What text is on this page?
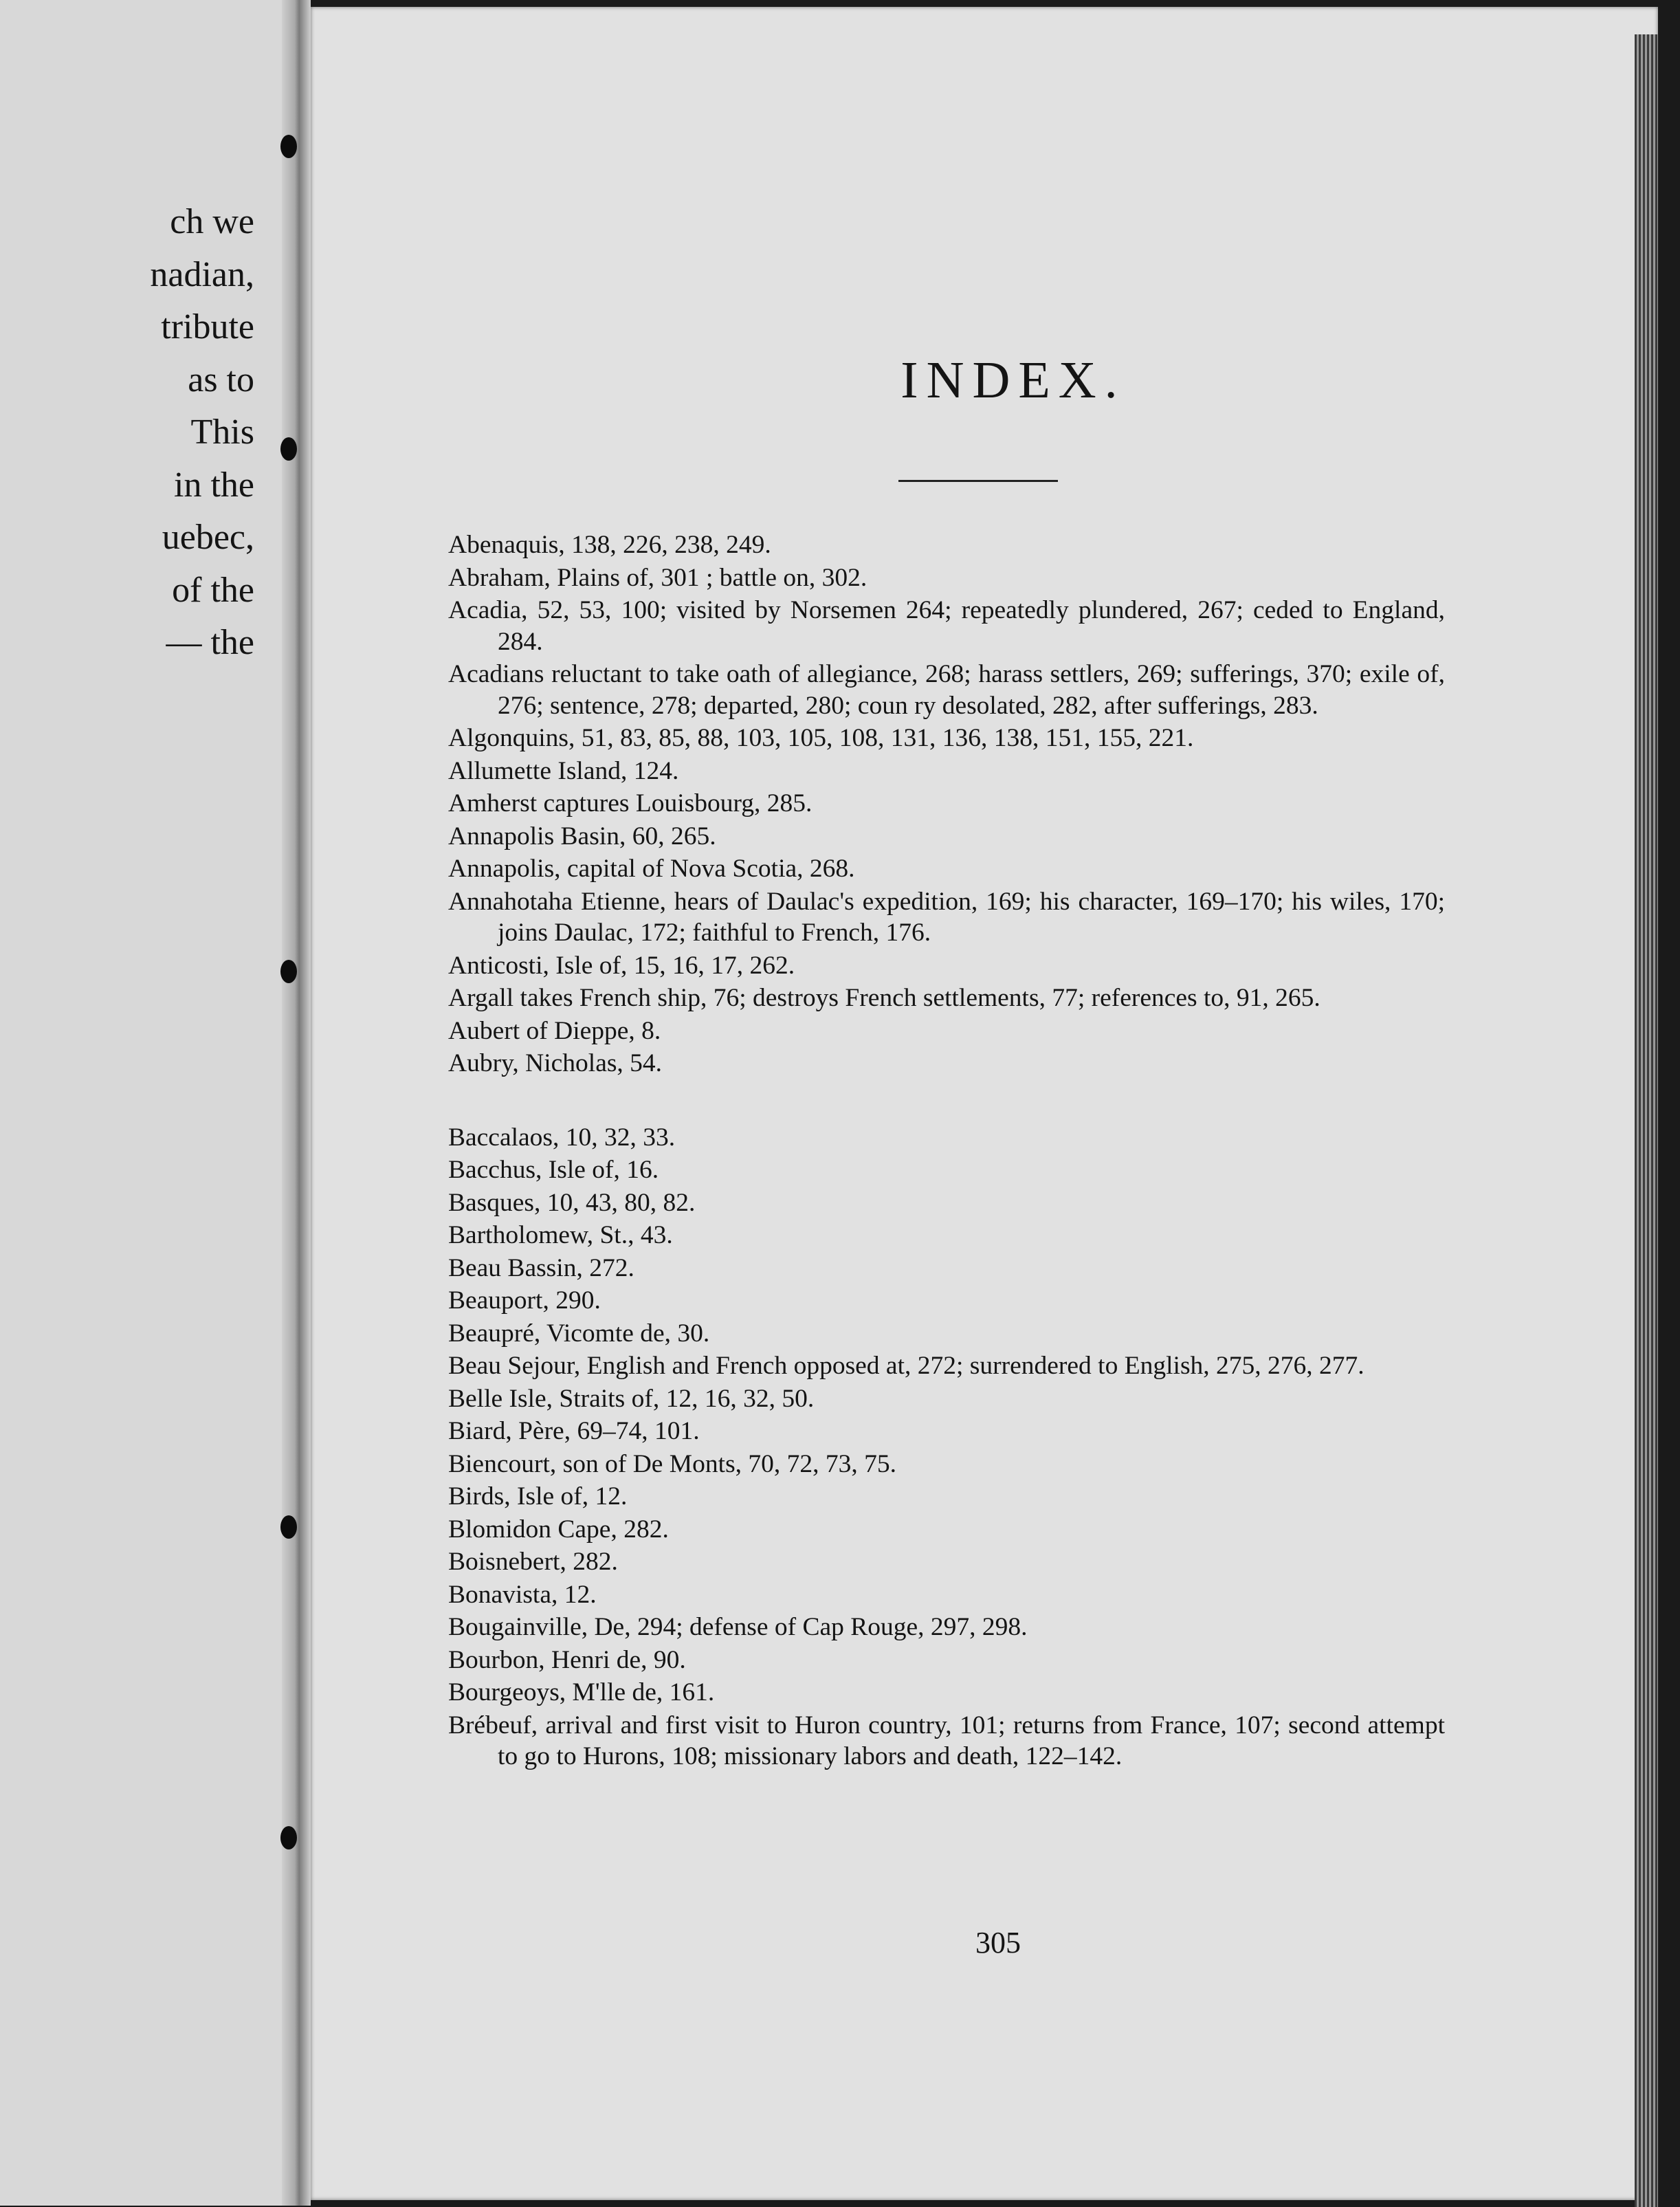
ch we
nadian,
tribute
as to
This
in the
uebec,
of the
— the
INDEX.
Abenaquis, 138, 226, 238, 249.
Abraham, Plains of, 301 ; battle on, 302.
Acadia, 52, 53, 100; visited by Norsemen 264; repeatedly plundered, 267; ceded to England, 284.
Acadians reluctant to take oath of allegiance, 268; harass settlers, 269; sufferings, 370; exile of, 276; sentence, 278; departed, 280; coun ry desolated, 282, after sufferings, 283.
Algonquins, 51, 83, 85, 88, 103, 105, 108, 131, 136, 138, 151, 155, 221.
Allumette Island, 124.
Amherst captures Louisbourg, 285.
Annapolis Basin, 60, 265.
Annapolis, capital of Nova Scotia, 268.
Annahotaha Etienne, hears of Daulac's expedition, 169; his character, 169–170; his wiles, 170; joins Daulac, 172; faithful to French, 176.
Anticosti, Isle of, 15, 16, 17, 262.
Argall takes French ship, 76; destroys French settlements, 77; references to, 91, 265.
Aubert of Dieppe, 8.
Aubry, Nicholas, 54.
Baccalaos, 10, 32, 33.
Bacchus, Isle of, 16.
Basques, 10, 43, 80, 82.
Bartholomew, St., 43.
Beau Bassin, 272.
Beauport, 290.
Beaupré, Vicomte de, 30.
Beau Sejour, English and French opposed at, 272; surrendered to English, 275, 276, 277.
Belle Isle, Straits of, 12, 16, 32, 50.
Biard, Père, 69–74, 101.
Biencourt, son of De Monts, 70, 72, 73, 75.
Birds, Isle of, 12.
Blomidon Cape, 282.
Boisnebert, 282.
Bonavista, 12.
Bougainville, De, 294; defense of Cap Rouge, 297, 298.
Bourbon, Henri de, 90.
Bourgeoys, M'lle de, 161.
Brébeuf, arrival and first visit to Huron country, 101; returns from France, 107; second attempt to go to Hurons, 108; missionary labors and death, 122–142.
305
